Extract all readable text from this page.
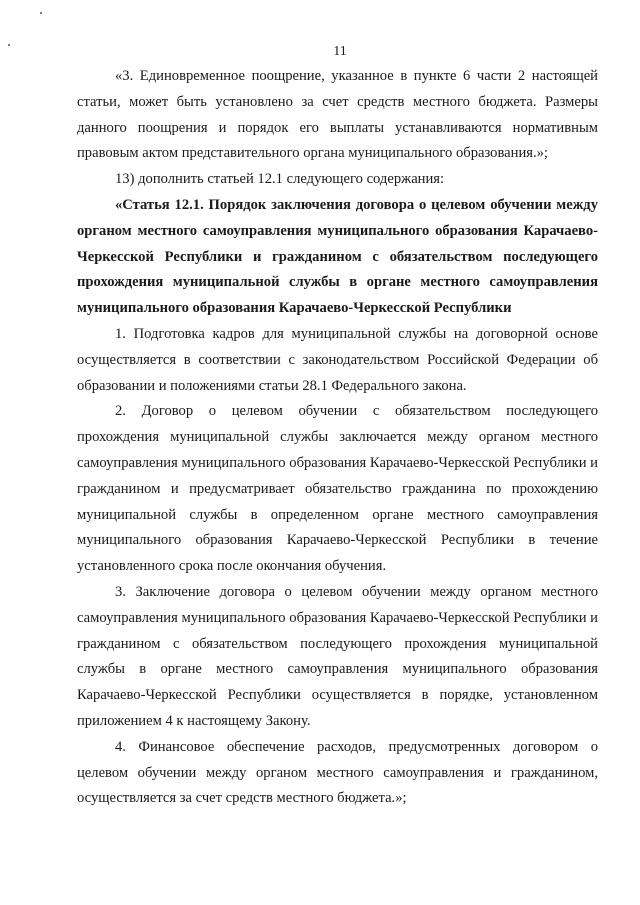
11

«3. Единовременное поощрение, указанное в пункте 6 части 2 настоящей статьи, может быть установлено за счет средств местного бюджета. Размеры данного поощрения и порядок его выплаты устанавливаются нормативным правовым актом представительного органа муниципального образования.»;

13) дополнить статьей 12.1 следующего содержания:

«Статья 12.1. Порядок заключения договора о целевом обучении между органом местного самоуправления муниципального образования Карачаево-Черкесской Республики и гражданином с обязательством последующего прохождения муниципальной службы в органе местного самоуправления муниципального образования Карачаево-Черкесской Республики

1. Подготовка кадров для муниципальной службы на договорной основе осуществляется в соответствии с законодательством Российской Федерации об образовании и положениями статьи 28.1 Федерального закона.

2. Договор о целевом обучении с обязательством последующего прохождения муниципальной службы заключается между органом местного самоуправления муниципального образования Карачаево-Черкесской Республики и гражданином и предусматривает обязательство гражданина по прохождению муниципальной службы в определенном органе местного самоуправления муниципального образования Карачаево-Черкесской Республики в течение установленного срока после окончания обучения.

3. Заключение договора о целевом обучении между органом местного самоуправления муниципального образования Карачаево-Черкесской Республики и гражданином с обязательством последующего прохождения муниципальной службы в органе местного самоуправления муниципального образования Карачаево-Черкесской Республики осуществляется в порядке, установленном приложением 4 к настоящему Закону.

4. Финансовое обеспечение расходов, предусмотренных договором о целевом обучении между органом местного самоуправления и гражданином, осуществляется за счет средств местного бюджета.»;
